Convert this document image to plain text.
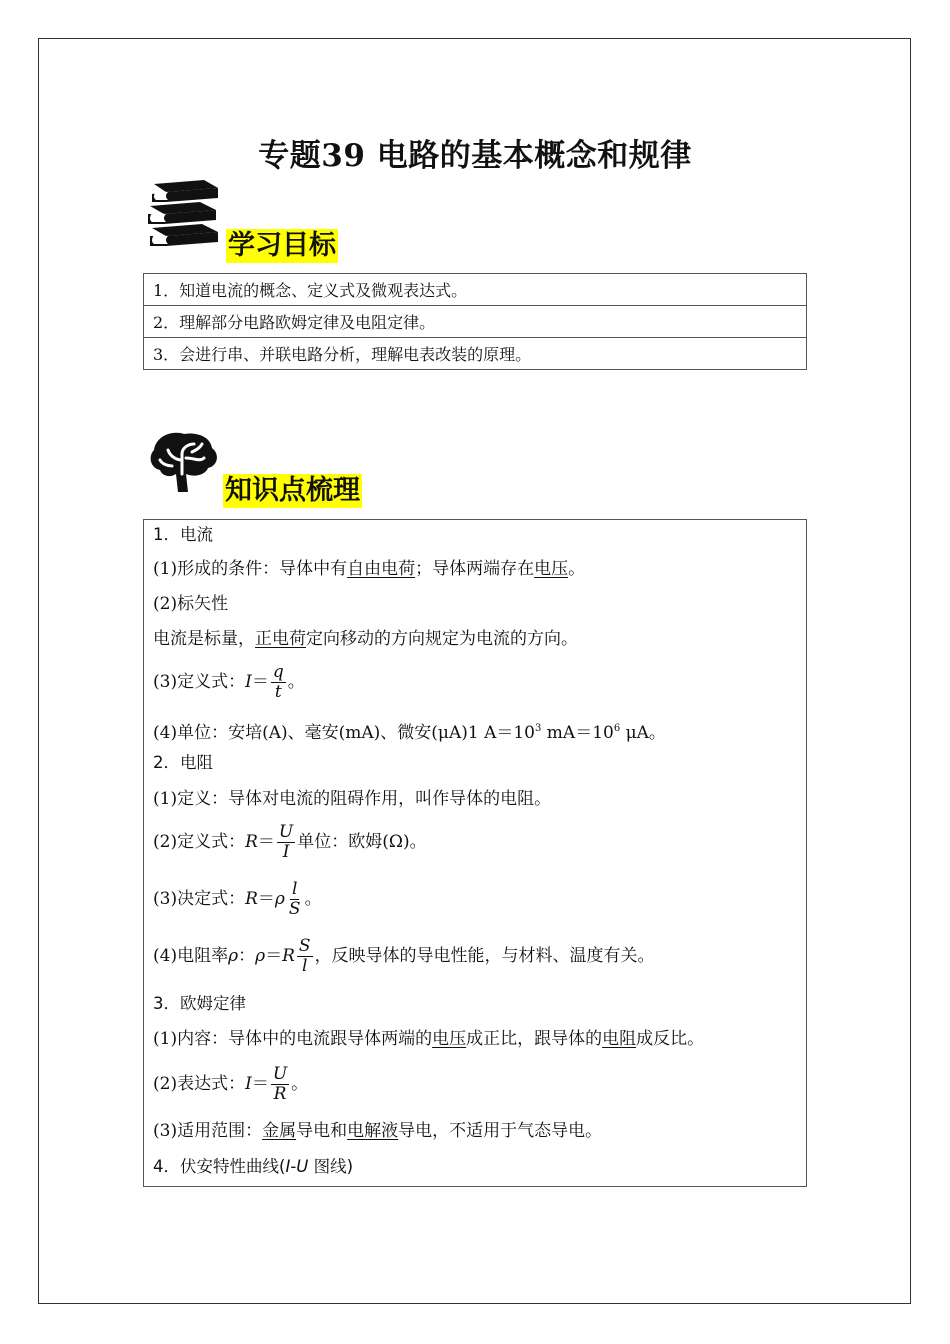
专题39 电路的基本概念和规律
学习目标
1．知道电流的概念、定义式及微观表达式。
2．理解部分电路欧姆定律及电阻定律。
3．会进行串、并联电路分析，理解电表改装的原理。
知识点梳理
1．电流
(1)形成的条件：导体中有自由电荷；导体两端存在电压。
(2)标矢性
电流是标量，正电荷定向移动的方向规定为电流的方向。
(3)定义式：$I= \frac{q}{t}$ 。
(4)单位：安培(A)、毫安(mA)、微安(μA)1 $A=10^3$ $mA=10^6$ μA。
2．电阻
(1)定义：导体对电流的阻碍作用，叫作导体的电阻。
(2)定义式：$R= \frac{U}{I}$ 单位：欧姆(Ω)。
(3)决定式：$R=\rho \frac{l}{S}$ 。
(4)电阻率ρ：$\rho=R \frac{S}{l}$ ，反映导体的导电性能，与材料、温度有关。
3．欧姆定律
(1)内容：导体中的电流跟导体两端的电压成正比，跟导体的电阻成反比。
(2)表达式：$I= \frac{U}{R}$ 。
(3)适用范围：金属导电和电解液导电，不适用于气态导电。
4．伏安特性曲线(I-U 图线)
